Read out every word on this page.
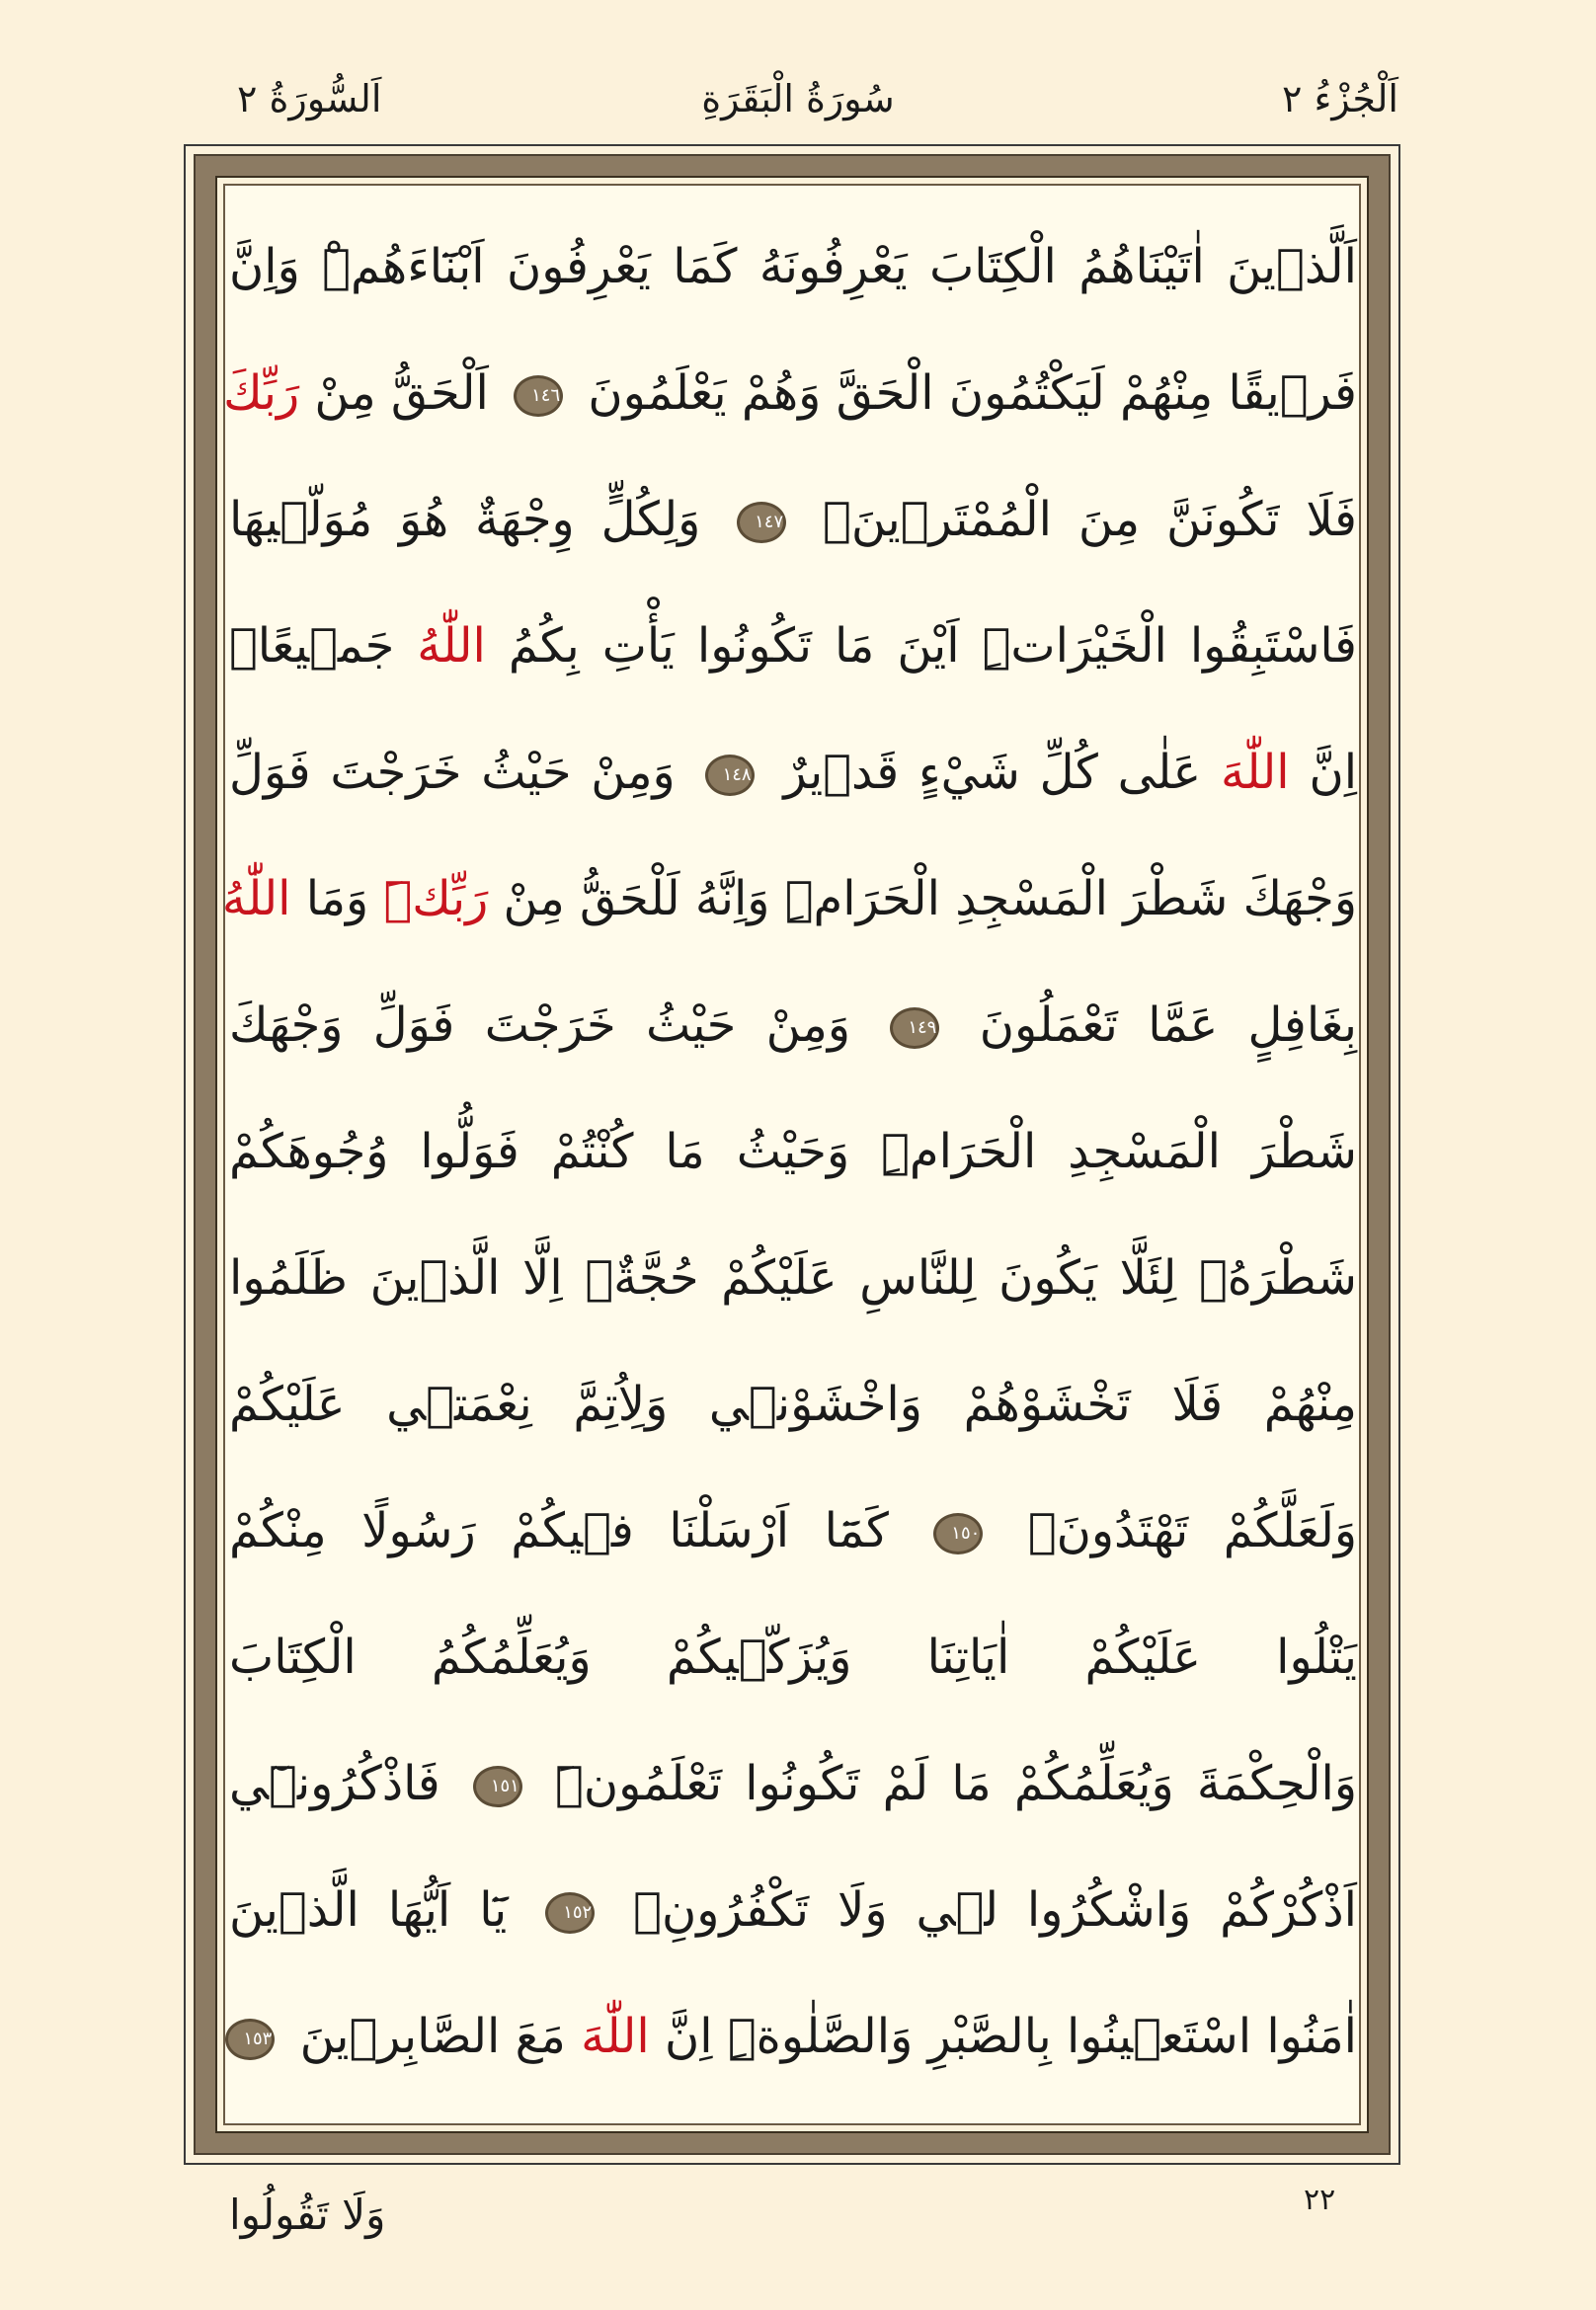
اَلْجُزْءُ ٢
سُورَةُ الْبَقَرَةِ
اَلسُّورَةُ ٢
اَلَّذ۪ينَ اٰتَيْنَاهُمُ الْكِتَابَ يَعْرِفُونَهُ كَمَا يَعْرِفُونَ اَبْنَٓاءَهُمْۜ وَاِنَّ
فَر۪يقًا مِنْهُمْ لَيَكْتُمُونَ الْحَقَّ وَهُمْ يَعْلَمُونَ ١٤٦ اَلْحَقُّ مِنْ رَبِّكَ
فَلَا تَكُونَنَّ مِنَ الْمُمْتَر۪ينَ۟ ١٤٧ وَلِكُلٍّ وِجْهَةٌ هُوَ مُوَلّ۪يهَا
فَاسْتَبِقُوا الْخَيْرَاتِۜ اَيْنَ مَا تَكُونُوا يَأْتِ بِكُمُ اللّٰهُ جَم۪يعًاۜ
اِنَّ اللّٰهَ عَلٰى كُلِّ شَيْءٍ قَد۪يرٌ ١٤٨ وَمِنْ حَيْثُ خَرَجْتَ فَوَلِّ
وَجْهَكَ شَطْرَ الْمَسْجِدِ الْحَرَامِۜ وَاِنَّهُ لَلْحَقُّ مِنْ رَبِّكَۜ وَمَا اللّٰهُ
بِغَافِلٍ عَمَّا تَعْمَلُونَ ١٤٩ وَمِنْ حَيْثُ خَرَجْتَ فَوَلِّ وَجْهَكَ
شَطْرَ الْمَسْجِدِ الْحَرَامِۜ وَحَيْثُ مَا كُنْتُمْ فَوَلُّوا وُجُوهَكُمْ
شَطْرَهُۙ لِئَلَّا يَكُونَ لِلنَّاسِ عَلَيْكُمْ حُجَّةٌۗ اِلَّا الَّذ۪ينَ ظَلَمُوا
مِنْهُمْ فَلَا تَخْشَوْهُمْ وَاخْشَوْن۪ي وَلِاُتِمَّ نِعْمَت۪ي عَلَيْكُمْ
وَلَعَلَّكُمْ تَهْتَدُونَۙ ١٥٠ كَمَٓا اَرْسَلْنَا ف۪يكُمْ رَسُولًا مِنْكُمْ
يَتْلُوا عَلَيْكُمْ اٰيَاتِنَا وَيُزَكّ۪يكُمْ وَيُعَلِّمُكُمُ الْكِتَابَ
وَالْحِكْمَةَ وَيُعَلِّمُكُمْ مَا لَمْ تَكُونُوا تَعْلَمُونَۜ ١٥١ فَاذْكُرُون۪ٓي
اَذْكُرْكُمْ وَاشْكُرُوا ل۪ي وَلَا تَكْفُرُونِ۟ ١٥٢ يَٓا اَيُّهَا الَّذ۪ينَ
اٰمَنُوا اسْتَع۪ينُوا بِالصَّبْرِ وَالصَّلٰوةِۜ اِنَّ اللّٰهَ مَعَ الصَّابِر۪ينَ ١٥٣
٢٢
وَلَا تَقُولُوا
